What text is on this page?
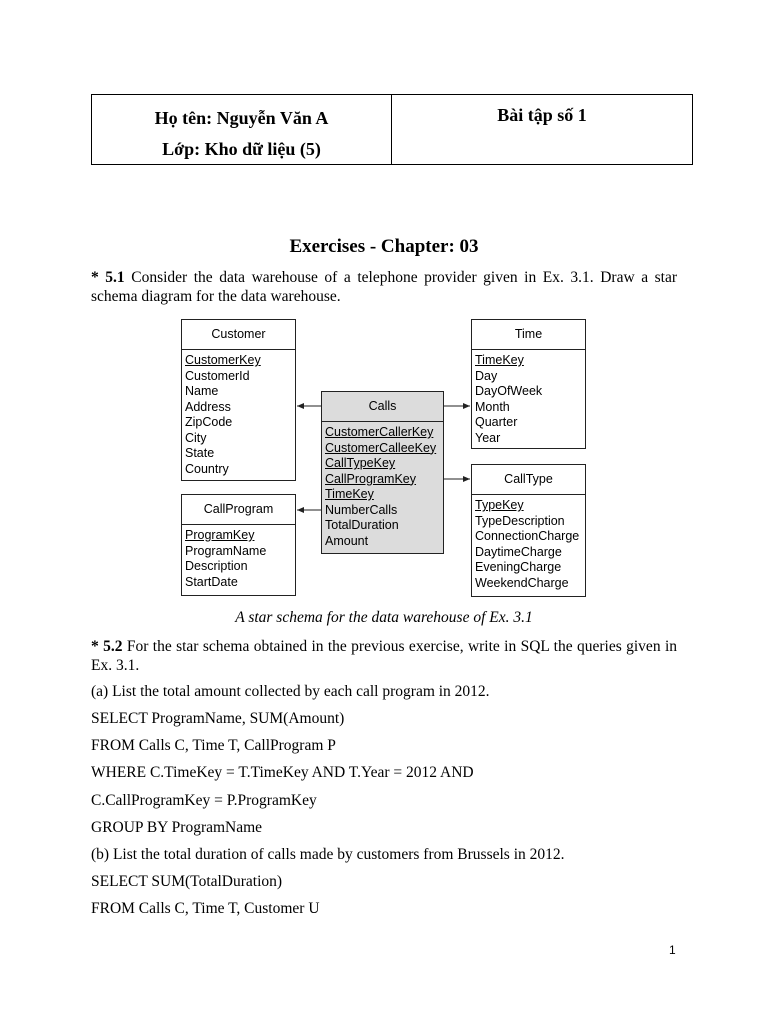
Họ tên: Nguyễn Văn A
Lớp: Kho dữ liệu (5)
Bài tập số 1
Exercises - Chapter: 03
* 5.1 Consider the data warehouse of a telephone provider given in Ex. 3.1. Draw a star schema diagram for the data warehouse.
Customer
CustomerKey
CustomerId
Name
Address
ZipCode
City
State
Country
Time
TimeKey
Day
DayOfWeek
Month
Quarter
Year
Calls
CustomerCallerKey
CustomerCalleeKey
CallTypeKey
CallProgramKey
TimeKey
NumberCalls
TotalDuration
Amount
CallProgram
ProgramKey
ProgramName
Description
StartDate
CallType
TypeKey
TypeDescription
ConnectionCharge
DaytimeCharge
EveningCharge
WeekendCharge
A star schema for the data warehouse of Ex. 3.1
* 5.2 For the star schema obtained in the previous exercise, write in SQL the queries given in Ex. 3.1.
(a) List the total amount collected by each call program in 2012.
SELECT ProgramName, SUM(Amount)
FROM Calls C, Time T, CallProgram P
WHERE C.TimeKey = T.TimeKey AND T.Year = 2012 AND
C.CallProgramKey = P.ProgramKey
GROUP BY ProgramName
(b) List the total duration of calls made by customers from Brussels in 2012.
SELECT SUM(TotalDuration)
FROM Calls C, Time T, Customer U
1
